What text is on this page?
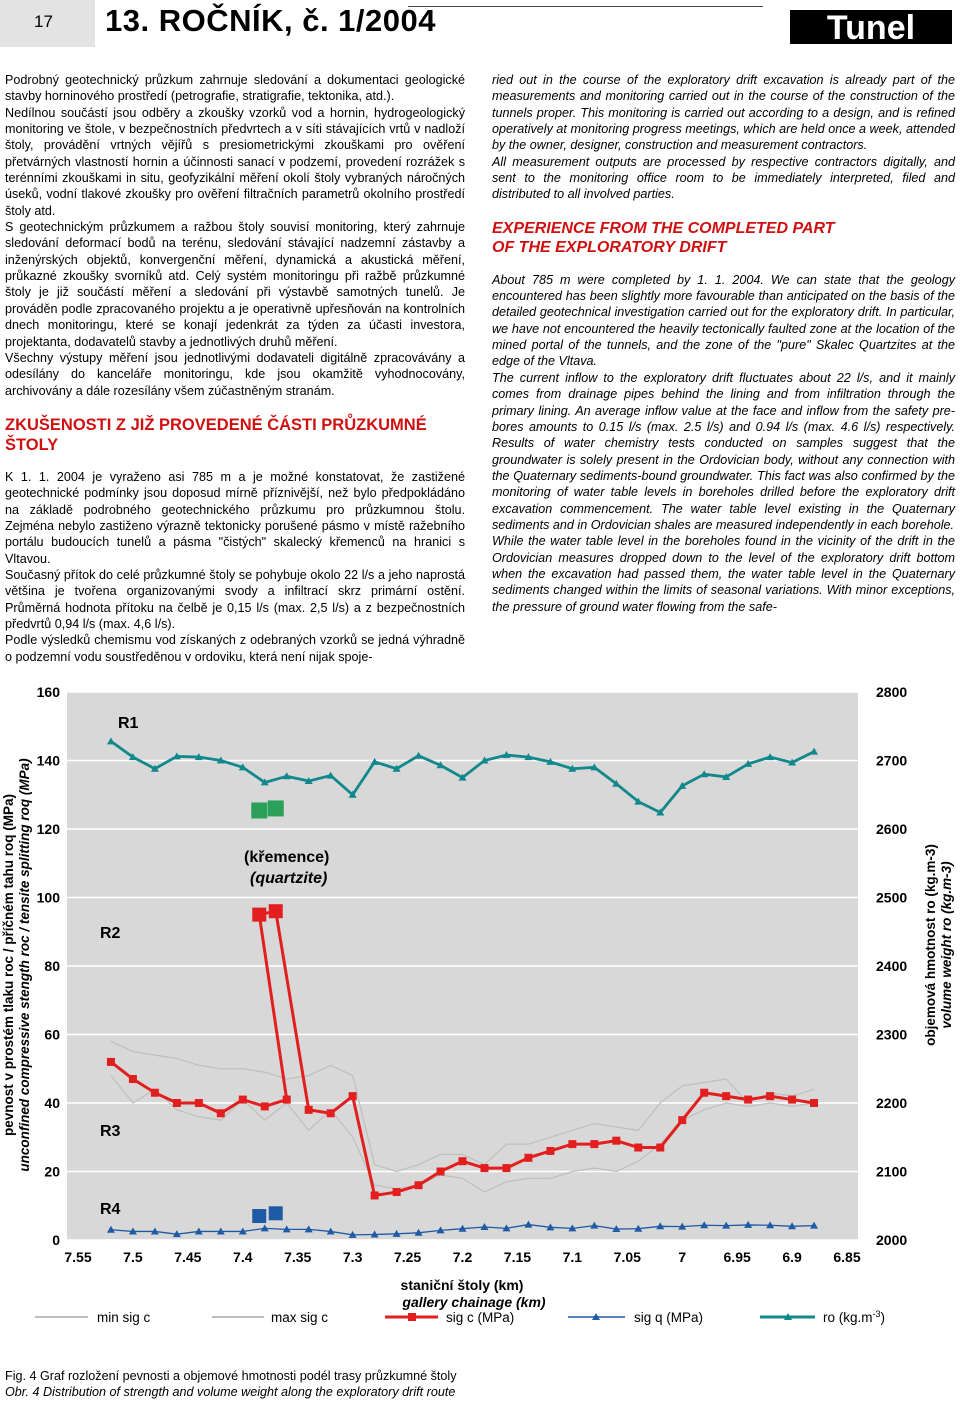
17 13. ROČNÍK, č. 1/2004	Tunel

Podrobný geotechnický průzkum zahrnuje sledování a dokumentaci geologické stavby horninového prostředí (petrografie, stratigrafie, tektonika, atd.).

Nedílnou součástí jsou odběry a zkoušky vzorků vod a hornin, hydrogeologický monitoring ve štole, v bezpečnostních předvrtech a v síti stávajících vrtů v nadloží štoly, provádění vrtných vějířů s presiometrickými zkouškami pro ověření přetvárných vlastností hornin a účinnosti sanací v podzemí, provedení rozrážek s terénními zkouškami in situ, geofyzikální měření okolí štoly vybraných náročných úseků, vodní tlakové zkoušky pro ověření filtračních parametrů okolního prostředí štoly atd.

S geotechnickým průzkumem a ražbou štoly souvisí monitoring, který zahrnuje sledování deformací bodů na terénu, sledování stávající nadzemní zástavby a inženýrských objektů, konvergenční měření, dynamická a akustická měření, průkazné zkoušky svorníků atd. Celý systém monitoringu při ražbě průzkumné štoly je již součástí měření a sledování při výstavbě samotných tunelů. Je prováděn podle zpracovaného projektu a je operativně upřesňován na kontrolních dnech monitoringu, které se konají jedenkrát za týden za účasti investora, projektanta, dodavatelů stavby a jednotlivých druhů měření.

Všechny výstupy měření jsou jednotlivými dodavateli digitálně zpracovávány a odesílány do kanceláře monitoringu, kde jsou okamžitě vyhodnocovány, archivovány a dále rozesílány všem zúčastněným stranám.

ZKUŠENOSTI Z JIŽ PROVEDENÉ ČÁSTI PRŮZKUMNÉ ŠTOLY

K 1. 1. 2004 je vyraženo asi 785 m a je možné konstatovat, že zastižené geotechnické podmínky jsou doposud mírně příznivější, než bylo předpokládáno na základě podrobného geotechnického průzkumu pro průzkumnou štolu. Zejména nebylo zastiženo výrazně tektonicky porušené pásmo v místě ražebního portálu budoucích tunelů a pásma "čistých" skalecký křemenců na hranici s Vltavou.

Současný přítok do celé průzkumné štoly se pohybuje okolo 22 l/s a jeho naprostá většina je tvořena organizovanými svody a infiltrací skrz primární ostění. Průměrná hodnota přítoku na čelbě je 0,15 l/s (max. 2,5 l/s) a z bezpečnostních předvrtů 0,94 l/s (max. 4,6 l/s).

Podle výsledků chemismu vod získaných z odebraných vzorků se jedná výhradně o podzemní vodu soustředěnou v ordoviku, která není nijak spoje-

ried out in the course of the exploratory drift excavation is already part of the measurements and monitoring carried out in the course of the construction of the tunnels proper. This monitoring is carried out according to a design, and is refined operatively at monitoring progress meetings, which are held once a week, attended by the owner, designer, construction and measurement contractors.

All measurement outputs are processed by respective contractors digitally, and sent to the monitoring office room to be immediately interpreted, filed and distributed to all involved parties.

EXPERIENCE FROM THE COMPLETED PART
OF THE EXPLORATORY DRIFT

About 785 m were completed by 1. 1. 2004. We can state that the geology encountered has been slightly more favourable than anticipated on the basis of the detailed geotechnical investigation carried out for the exploratory drift. In particular, we have not encountered the heavily tectonically faulted zone at the location of the mined portal of the tunnels, and the zone of the "pure" Skalec Quartzites at the edge of the Vltava.

The current inflow to the exploratory drift fluctuates about 22 l/s, and it mainly comes from drainage pipes behind the lining and from infiltration through the primary lining. An average inflow value at the face and inflow from the safety pre-bores amounts to 0.15 l/s (max. 2.5 l/s) and 0.94 l/s (max. 4.6 l/s) respectively. Results of water chemistry tests conducted on samples suggest that the groundwater is solely present in the Ordovician body, without any connection with the Quaternary sediments-bound groundwater. This fact was also confirmed by the monitoring of water table levels in boreholes drilled before the exploratory drift excavation commencement. The water table level existing in the Quaternary sediments and in Ordovician shales are measured independently in each borehole.

While the water table level in the boreholes found in the vicinity of the drift in the Ordovician measures dropped down to the level of the exploratory drift bottom when the excavation had passed them, the water table level in the Quaternary sediments changed within the limits of seasonal variations. With minor exceptions, the pressure of ground water flowing from the safe-

0
20
40
60
80
100
120
140
160
2000
2100
2200
2300
2400
2500
2600
2700
2800
7.55 7.5 7.45 7.4 7.35 7.3 7.25 7.2 7.15 7.1 7.05	7	6.95 6.9 6.85
R1
R2
R3
R4
(křemence)
(quartzite)
staniční štoly (km)
gallery chainage (km)
pevnost v prostém tlaku roc / příčném tahu roq (MPa) unconfined compressive stength roc / tensite splitting roq (MPa)	objemová hmotnost ro (kg.m-3) volume weight ro (kg.m-3)
min sig c	max sig c	sig c (MPa)	sig q (MPa)	ro $(kg.m^{-3})$
Fig. 4 Graf rozložení pevnosti a objemové hmotnosti podél trasy průzkumné štoly
Obr. 4 Distribution of strength and volume weight along the exploratory drift route
